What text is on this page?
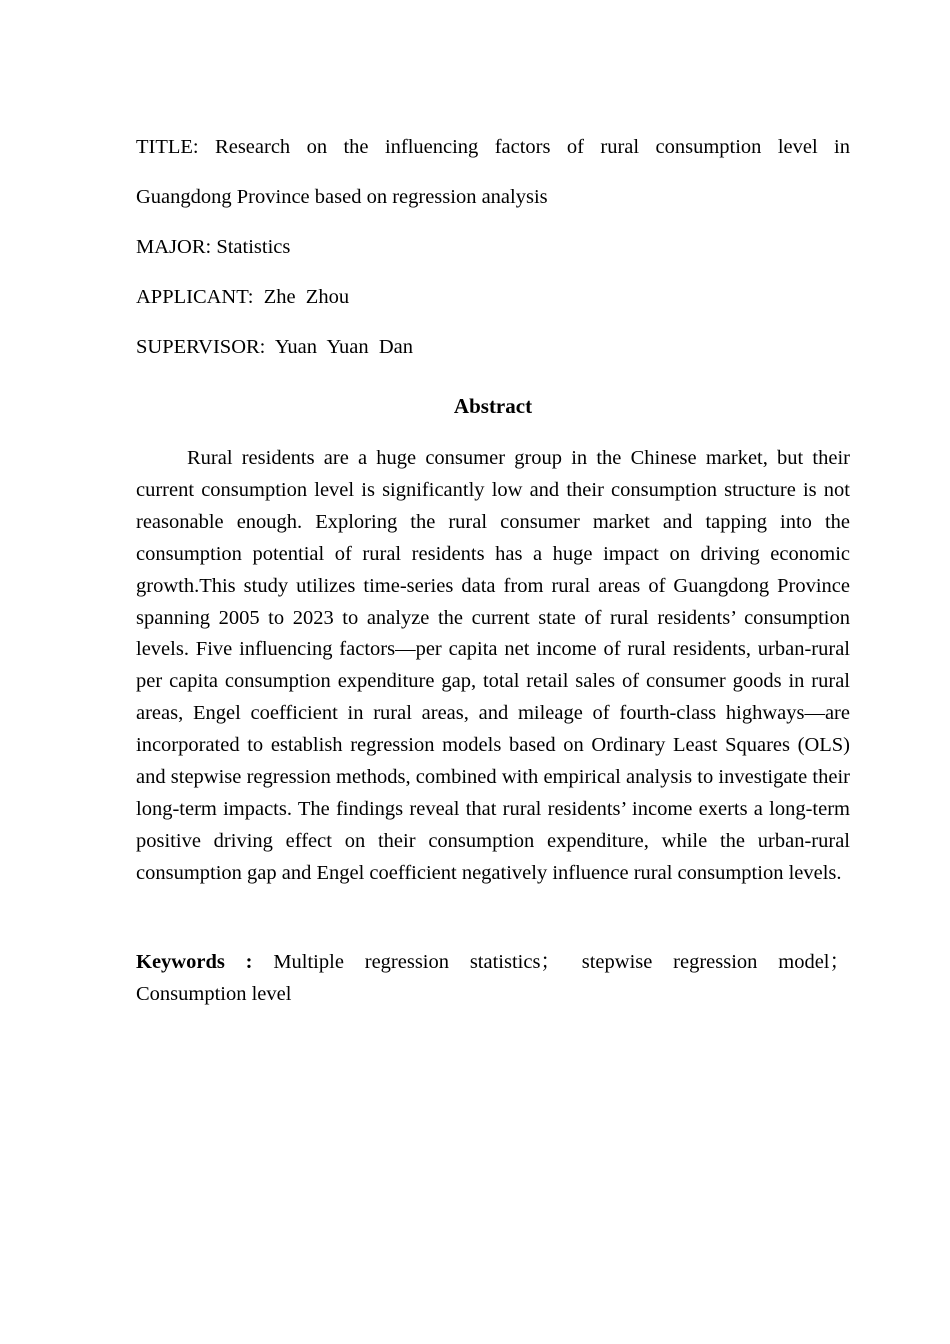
TITLE: Research on the influencing factors of rural consumption level in
Guangdong Province based on regression analysis

MAJOR: Statistics

APPLICANT: Zhe  Zhou

SUPERVISOR: Yuan  Yuan  Dan

Abstract

Rural residents are a huge consumer group in the Chinese market, but their current consumption level is significantly low and their consumption structure is not reasonable enough. Exploring the rural consumer market and tapping into the consumption potential of rural residents has a huge impact on driving economic growth.This study utilizes time-series data from rural areas of Guangdong Province spanning 2005 to 2023 to analyze the current state of rural residents’ consumption levels. Five influencing factors—per capita net income of rural residents, urban-rural per capita consumption expenditure gap, total retail sales of consumer goods in rural areas, Engel coefficient in rural areas, and mileage of fourth-class highways—are incorporated to establish regression models based on Ordinary Least Squares (OLS) and stepwise regression methods, combined with empirical analysis to investigate their long-term impacts. The findings reveal that rural residents’ income exerts a long-term positive driving effect on their consumption expenditure, while the urban-rural consumption gap and Engel coefficient negatively influence rural consumption levels.

Keywords : Multiple regression statistics； stepwise regression model；
Consumption level
